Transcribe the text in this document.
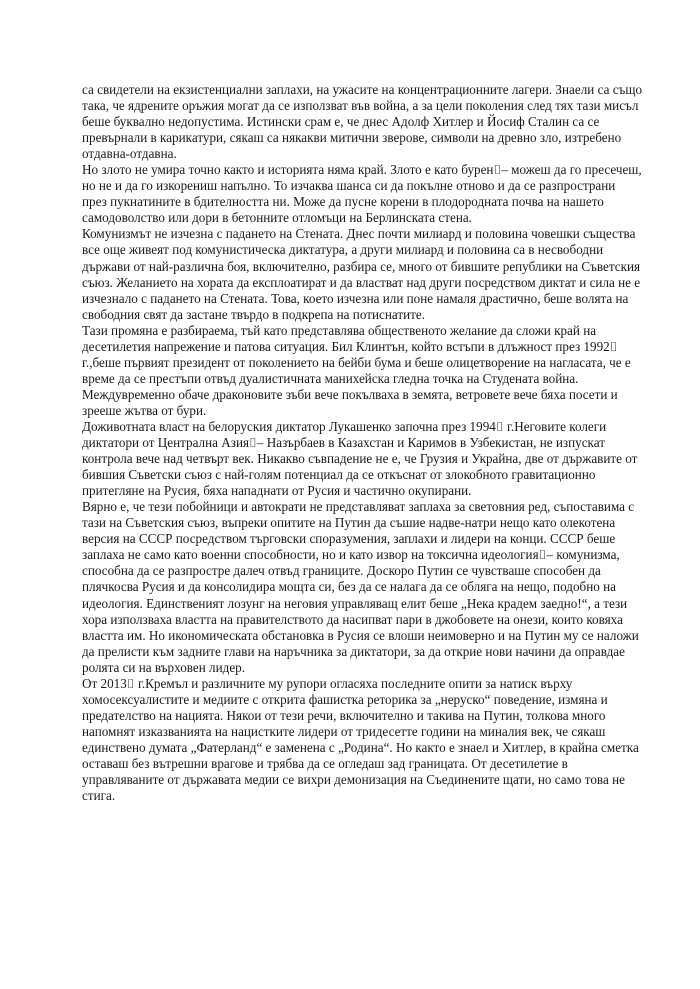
са свидетели на екзистенциални заплахи, на ужасите на концентрационните лагери. Знаели са също така, че ядрените оръжия могат да се използват във война, а за цели поколения след тях тази мисъл беше буквално недопустима. Истински срам е, че днес Адолф Хитлер и Йосиф Сталин са се превърнали в карикатури, сякаш са някакви митични зверове, символи на древно зло, изтребено отдавна-отдавна.

Но злото не умира точно както и историята няма край. Злото е като бурен⌷– можеш да го пресечеш, но не и да го изкорениш напълно. То изчаква шанса си да покълне отново и да се разпространи през пукнатините в бдителността ни. Може да пусне корени в плодородната почва на нашето самодоволство или дори в бетонните отломъци на Берлинската стена.

Комунизмът не изчезна с падането на Стената. Днес почти милиард и половина човешки същества все още живеят под комунистическа диктатура, а други милиард и половина са в несвободни държави от най-различна боя, включително, разбира се, много от бившите републики на Съветския съюз. Желанието на хората да експлоатират и да властват над други посредством диктат и сила не е изчезнало с падането на Стената. Това, което изчезна или поне намаля драстично, беше волята на свободния свят да застане твърдо в подкрепа на потиснатите.

Тази промяна е разбираема, тъй като представлява общественото желание да сложи край на десетилетия напрежение и патова ситуация. Бил Клинтън, който встъпи в длъжност през 1992⌷ г.,беше първият президент от поколението на бейби бума и беше олицетворение на нагласата, че е време да се престъпи отвъд дуалистичната манихейска гледна точка на Студената война. Междувременно обаче драконовите зъби вече покълваха в земята, ветровете вече бяха посети и зрееше жътва от бури.

Доживотната власт на белоруския диктатор Лукашенко започна през 1994⌷ г.Неговите колеги диктатори от Централна Азия⌷– Назърбаев в Казахстан и Каримов в Узбекистан, не изпускат контрола вече над четвърт век. Никакво съвпадение не е, че Грузия и Украйна, две от държавите от бившия Съветски съюз с най-голям потенциал да се откъснат от злокобното гравитационно притегляне на Русия, бяха нападнати от Русия и частично окупирани.

Вярно е, че тези побойници и автократи не представляват заплаха за световния ред, съпоставима с тази на Съветския съюз, въпреки опитите на Путин да съшие надве-натри нещо като олекотена версия на СССР посредством търговски споразумения, заплахи и лидери на конци. СССР беше заплаха не само като военни способности, но и като извор на токсична идеология⌷– комунизма, способна да се разпростре далеч отвъд границите. Доскоро Путин се чувстваше способен да плячкосва Русия и да консолидира мощта си, без да се налага да се обляга на нещо, подобно на идеология. Единственият лозунг на неговия управляващ елит беше „Нека крадем заедно!“, а тези хора използваха властта на правителството да насипват пари в джобовете на онези, които ковяха властта им. Но икономическата обстановка в Русия се влоши неимоверно и на Путин му се наложи да прелисти към задните глави на наръчника за диктатори, за да открие нови начини да оправдае ролята си на върховен лидер.

От 2013⌷ г.Кремъл и различните му рупори огласяха последните опити за натиск върху хомосексуалистите и медиите с открита фашистка реторика за „неруско“ поведение, измяна и предателство на нацията. Някои от тези речи, включително и такива на Путин, толкова много напомнят изказванията на нацистките лидери от тридесетте години на миналия век, че сякаш единствено думата „Фатерланд“ е заменена с „Родина“. Но както е знаел и Хитлер, в крайна сметка оставаш без вътрешни врагове и трябва да се огледаш зад границата. От десетилетие в управляваните от държавата медии се вихри демонизация на Съединените щати, но само това не стига.
